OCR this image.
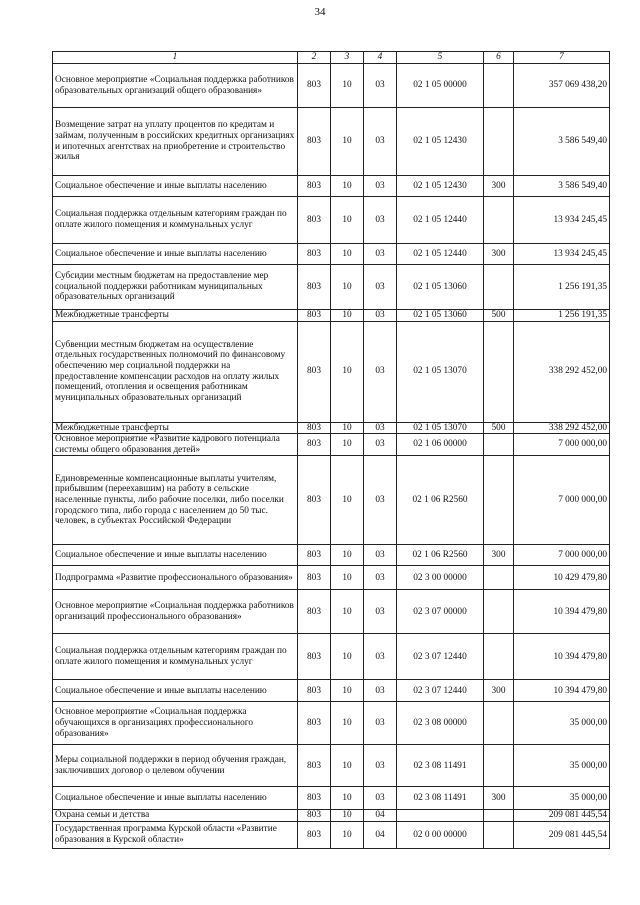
34
1	2	3	4	5	6	7
Основное мероприятие «Социальная поддержка работников образовательных организаций общего образования»	803	10	03	02 1 05 00000		357 069 438,20
Возмещение затрат на уплату процентов по кредитам и займам, полученным в российских кредитных организациях и ипотечных агентствах на приобретение и строительство жилья	803	10	03	02 1 05 12430		3 586 549,40
Социальное обеспечение и иные выплаты населению	803	10	03	02 1 05 12430	300	3 586 549,40
Социальная поддержка отдельным категориям граждан по оплате жилого помещения и коммунальных услуг	803	10	03	02 1 05 12440		13 934 245,45
Социальное обеспечение и иные выплаты населению	803	10	03	02 1 05 12440	300	13 934 245,45
Субсидии местным бюджетам на предоставление мер социальной поддержки работникам муниципальных образовательных организаций	803	10	03	02 1 05 13060		1 256 191,35
Межбюджетные трансферты	803	10	03	02 1 05 13060	500	1 256 191,35
Субвенции местным бюджетам на осуществление отдельных государственных полномочий по финансовому обеспечению мер социальной поддержки на предоставление компенсации расходов на оплату жилых помещений, отопления и освещения работникам муниципальных образовательных организаций	803	10	03	02 1 05 13070		338 292 452,00
Межбюджетные трансферты	803	10	03	02 1 05 13070	500	338 292 452,00
Основное мероприятие «Развитие кадрового потенциала системы общего образования детей»	803	10	03	02 1 06 00000		7 000 000,00
Единовременные компенсационные выплаты учителям, прибывшим (переехавшим) на работу в сельские населенные пункты, либо рабочие поселки, либо поселки городского типа, либо города с населением до 50 тыс. человек, в субъектах Российской Федерации	803	10	03	02 1 06 R2560		7 000 000,00
Социальное обеспечение и иные выплаты населению	803	10	03	02 1 06 R2560	300	7 000 000,00
Подпрограмма «Развитие профессионального образования»	803	10	03	02 3 00 00000		10 429 479,80
Основное мероприятие «Социальная поддержка работников организаций профессионального образования»	803	10	03	02 3 07 00000		10 394 479,80
Социальная поддержка отдельным категориям граждан по оплате жилого помещения и коммунальных услуг	803	10	03	02 3 07 12440		10 394 479,80
Социальное обеспечение и иные выплаты населению	803	10	03	02 3 07 12440	300	10 394 479,80
Основное мероприятие «Социальная поддержка обучающихся в организациях профессионального образования»	803	10	03	02 3 08 00000		35 000,00
Меры социальной поддержки в период обучения граждан, заключивших договор о целевом обучении	803	10	03	02 3 08 11491		35 000,00
Социальное обеспечение и иные выплаты населению	803	10	03	02 3 08 11491	300	35 000,00
Охрана семьи и детства	803	10	04			209 081 445,54
Государственная программа Курской области «Развитие образования в Курской области»	803	10	04	02 0 00 00000		209 081 445,54
